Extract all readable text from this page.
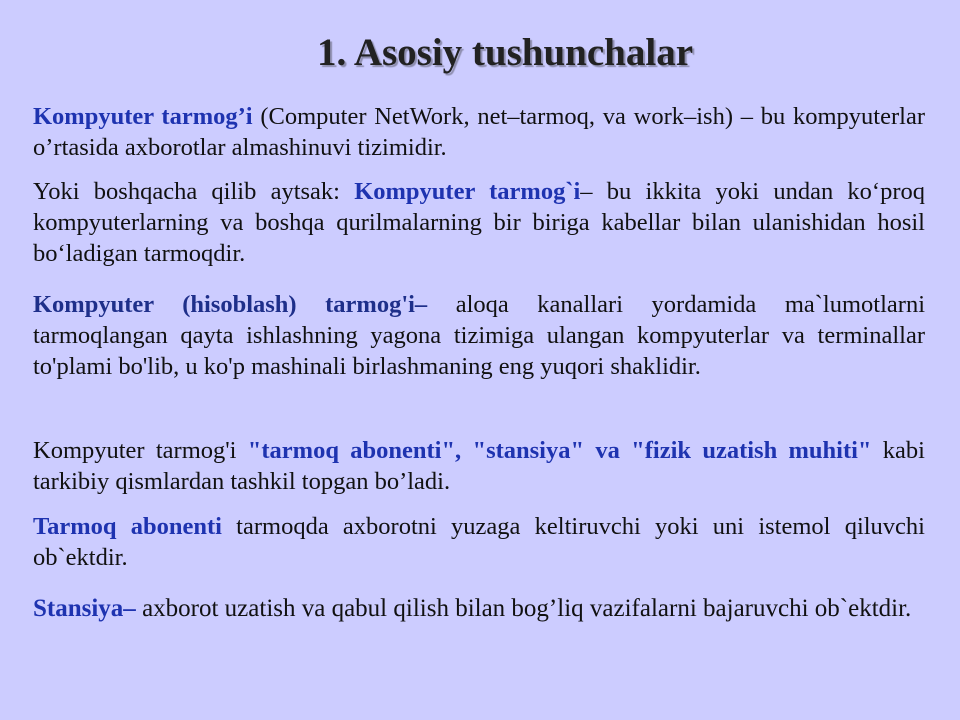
1. Asosiy tushunchalar

Kompyuter tarmog’i (Computer NetWork, net–tarmoq, va work–ish) – bu kompyuterlar o’rtasida axborotlar almashinuvi tizimidir.

Yoki boshqacha qilib aytsak: Kompyuter tarmog`i– bu ikkita yoki undan ko‘proq kompyuterlarning va boshqa qurilmalarning bir biriga kabellar bilan ulanishidan hosil bo‘ladigan tarmoqdir.

Kompyuter (hisoblash) tarmog'i– aloqa kanallari yordamida ma`lumotlarni tarmoqlangan qayta ishlashning yagona tizimiga ulangan kompyuterlar va terminallar to'plami bo'lib, u ko'p mashinali birlashmaning eng yuqori shaklidir.

Kompyuter tarmog'i "tarmoq abonenti", "stansiya" va "fizik uzatish muhiti" kabi tarkibiy qismlardan tashkil topgan bo’ladi.

Tarmoq abonenti tarmoqda axborotni yuzaga keltiruvchi yoki uni istemol qiluvchi ob`ektdir.

Stansiya– axborot uzatish va qabul qilish bilan bog’liq vazifalarni bajaruvchi ob`ektdir.
